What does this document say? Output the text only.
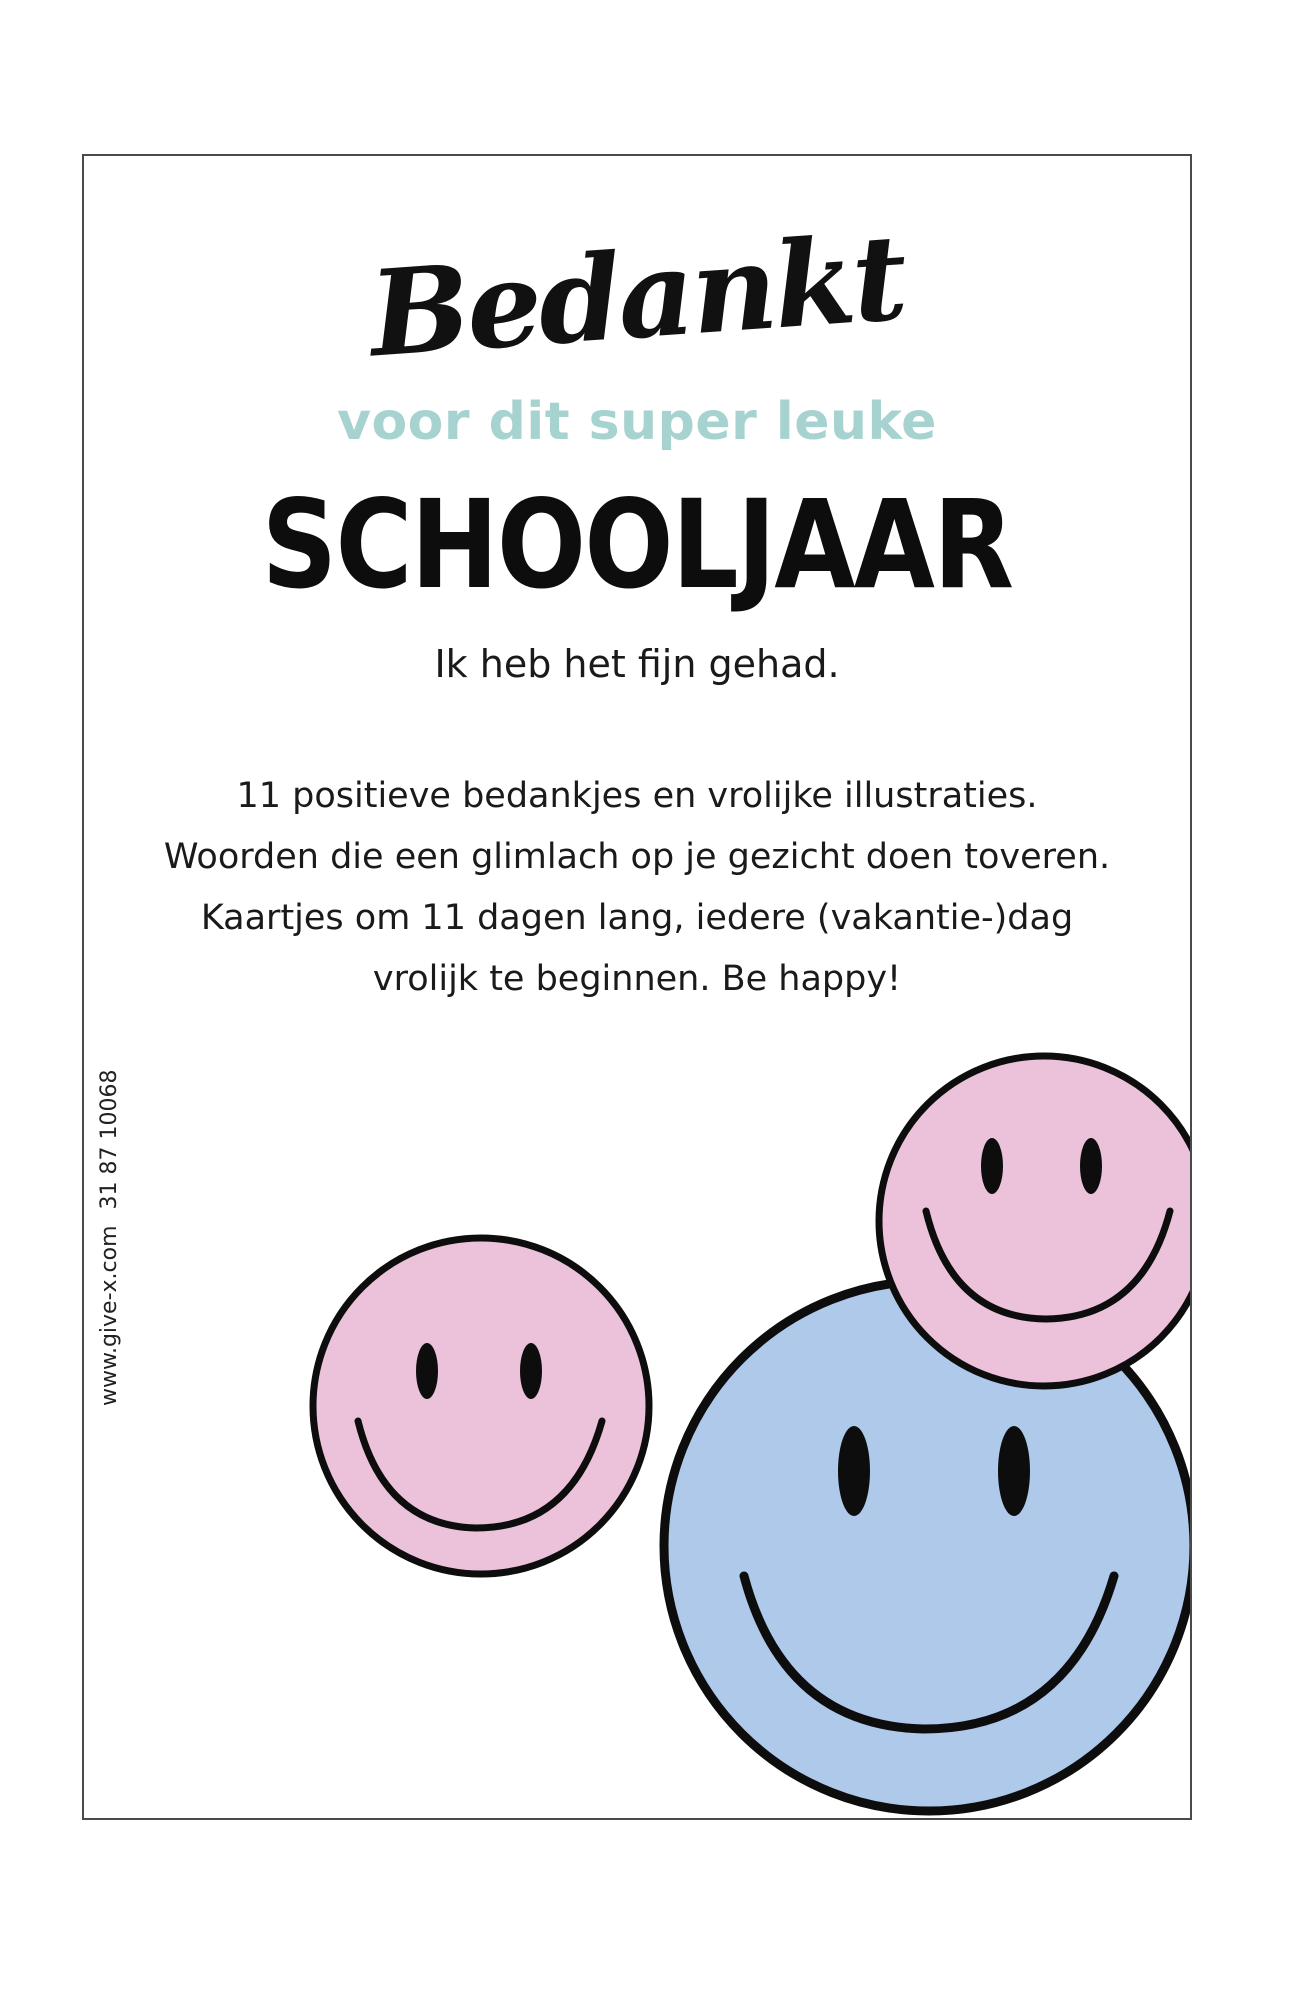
Bedankt
voor dit super leuke
SCHOOLJAAR
Ik heb het fijn gehad.
11 positieve bedankjes en vrolijke illustraties.
Woorden die een glimlach op je gezicht doen toveren.
Kaartjes om 11 dagen lang, iedere (vakantie-)dag
vrolijk te beginnen. Be happy!
www.give-x.com31 87 10068
